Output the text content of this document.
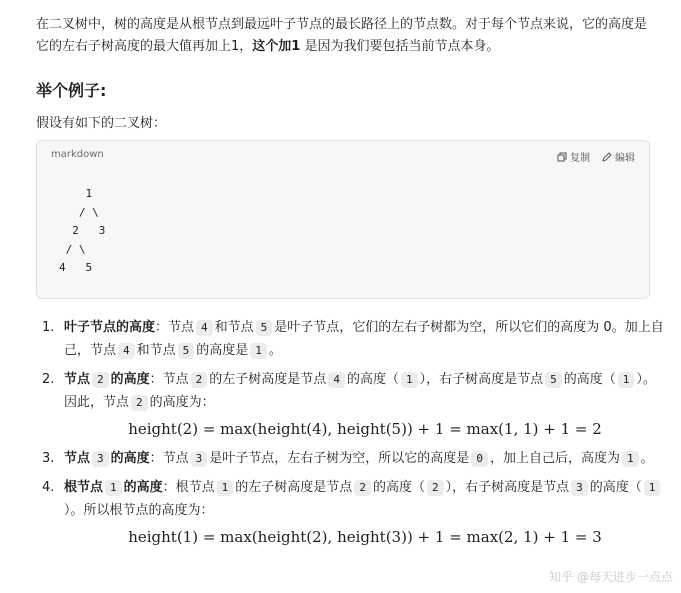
在二叉树中，树的高度是从根节点到最远叶子节点的最长路径上的节点数。对于每个节点来说，它的高度是它的左右子树高度的最大值再加上1，这个加1 是因为我们要包括当前节点本身。
举个例子:
假设有如下的二叉树：
markdown	复制	编辑
1
/ \
2   3
/ \
4   5
1. 叶子节点的高度：节点 4 和节点 5 是叶子节点，它们的左右子树都为空，所以它们的高度为 0。加上自己，节点 4 和节点 5 的高度是 1 。
2. 节点 2 的高度：节点 2 的左子树高度是节点 4 的高度（ 1 ），右子树高度是节点 5 的高度（ 1 ）。因此，节点 2 的高度为：
height(2) = max(height(4), height(5)) + 1 = max(1, 1) + 1 = 2
3. 节点 3 的高度：节点 3 是叶子节点，左右子树为空，所以它的高度是 0 ，加上自己后，高度为 1 。
4. 根节点 1 的高度：根节点 1 的左子树高度是节点 2 的高度（ 2 ），右子树高度是节点 3 的高度（ 1）。所以根节点的高度为：
height(1) = max(height(2), height(3)) + 1 = max(2, 1) + 1 = 3
知乎 @每天进步一点点
